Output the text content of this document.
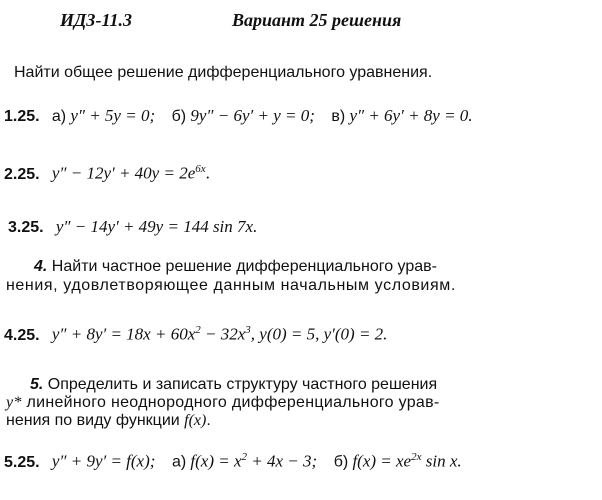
ИДЗ-11.3	Вариант 25 решения
Найти общее решение дифференциального уравнения.
1.25. а) y″ + 5y = 0; б) 9y″ − 6y′ + y = 0; в) y″ + 6y′ + 8y = 0.
2.25. $y'' - 12y' + 40y = 2e^{6x}$.
3.25. y″ − 14y′ + 49y = 144 sin 7x.
4. Найти частное решение дифференциального урав-
нения, удовлетворяющее данным начальным условиям.
4.25. $y'' + 8y' = 18x + 60x^2 - 32x^3$, y(0) = 5, y′(0) = 2.
5. Определить и записать структуру частного решения
y* линейного неоднородного дифференциального урав-
нения по виду функции f(x).
5.25. y″ + 9y′ = f(x); а) $f(x) = x^2 + 4x - 3$; б) $f(x) = xe^{2x}$ sin x.
